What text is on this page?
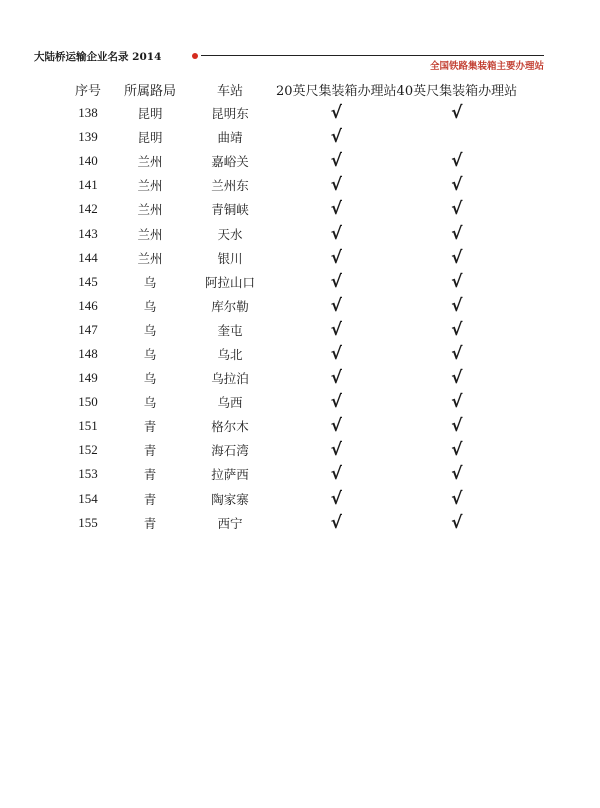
大陆桥运输企业名录 2014
全国铁路集装箱主要办理站
序号	所属路局	车站	20英尺集装箱办理站	40英尺集装箱办理站
138	昆明	昆明东	√	√
139	昆明	曲靖	√	
140	兰州	嘉峪关	√	√
141	兰州	兰州东	√	√
142	兰州	青铜峡	√	√
143	兰州	天水	√	√
144	兰州	银川	√	√
145	乌	阿拉山口	√	√
146	乌	库尔勒	√	√
147	乌	奎屯	√	√
148	乌	乌北	√	√
149	乌	乌拉泊	√	√
150	乌	乌西	√	√
151	青	格尔木	√	√
152	青	海石湾	√	√
153	青	拉萨西	√	√
154	青	陶家寨	√	√
155	青	西宁	√	√
